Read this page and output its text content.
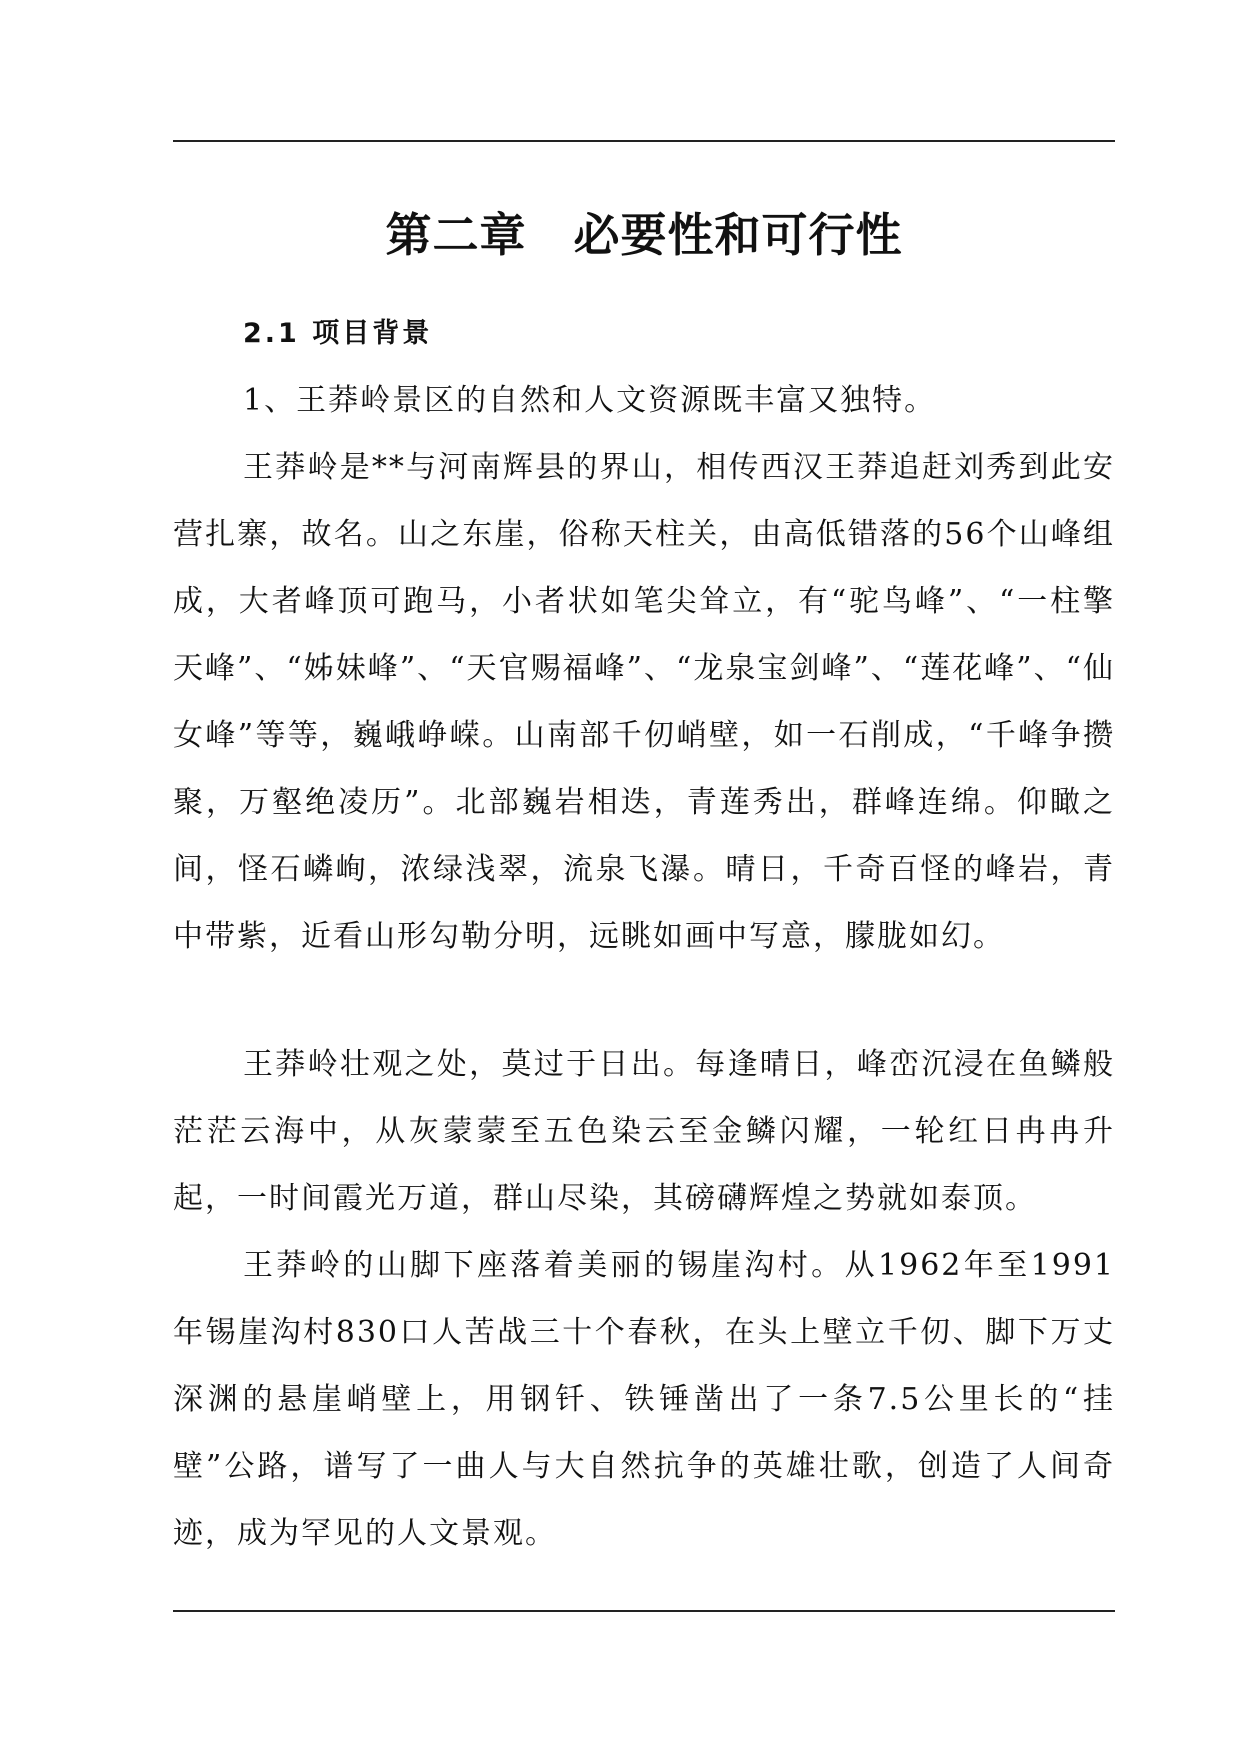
第二章　必要性和可行性
2.1 项目背景

1、王莽岭景区的自然和人文资源既丰富又独特。

王莽岭是**与河南辉县的界山，相传西汉王莽追赶刘秀到此安营扎寨，故名。山之东崖，俗称天柱关，由高低错落的56个山峰组成，大者峰顶可跑马，小者状如笔尖耸立，有“驼鸟峰”、“一柱擎天峰”、“姊妹峰”、“天官赐福峰”、“龙泉宝剑峰”、“莲花峰”、“仙女峰”等等，巍峨峥嵘。山南部千仞峭壁，如一石削成，“千峰争攒聚，万壑绝凌历”。北部巍岩相迭，青莲秀出，群峰连绵。仰瞰之间，怪石嶙峋，浓绿浅翠，流泉飞瀑。晴日，千奇百怪的峰岩，青中带紫，近看山形勾勒分明，远眺如画中写意，朦胧如幻。

王莽岭壮观之处，莫过于日出。每逢晴日，峰峦沉浸在鱼鳞般茫茫云海中，从灰蒙蒙至五色染云至金鳞闪耀，一轮红日冉冉升起，一时间霞光万道，群山尽染，其磅礴辉煌之势就如泰顶。

王莽岭的山脚下座落着美丽的锡崖沟村。从1962年至1991年锡崖沟村830口人苦战三十个春秋，在头上壁立千仞、脚下万丈深渊的悬崖峭壁上，用钢钎、铁锤凿出了一条7.5公里长的“挂壁”公路，谱写了一曲人与大自然抗争的英雄壮歌，创造了人间奇迹，成为罕见的人文景观。
